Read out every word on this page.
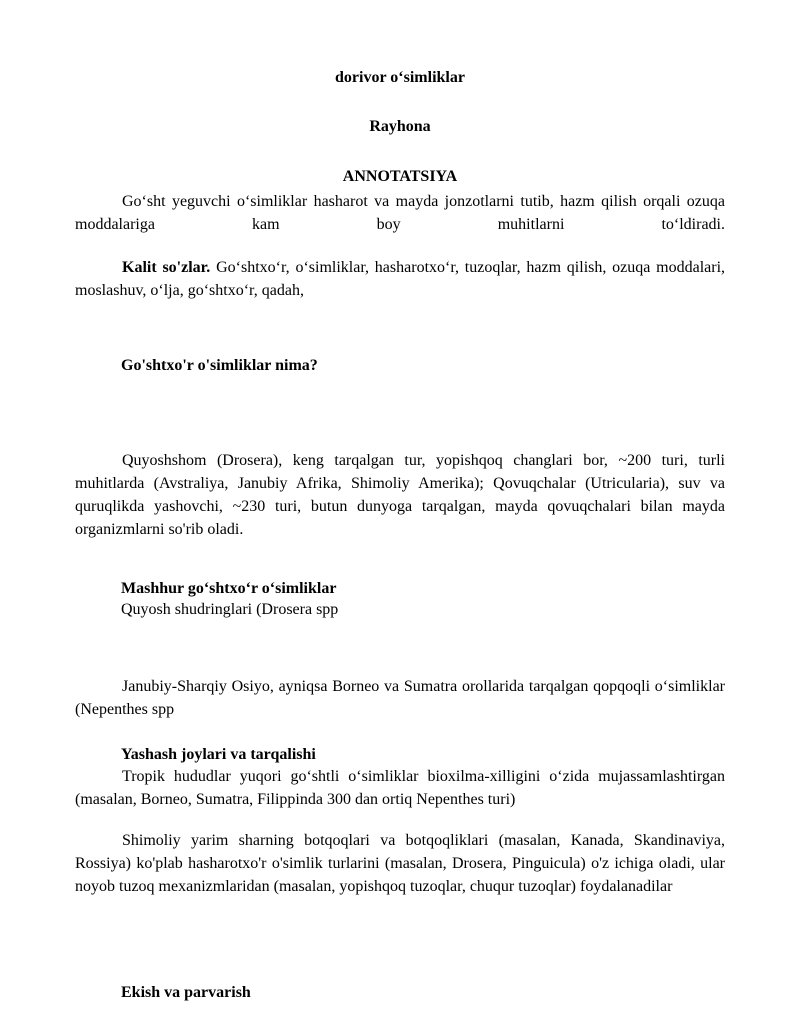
dorivor o‘simliklar
Rayhona
ANNOTATSIYA
Go‘sht yeguvchi o‘simliklar hasharot va mayda jonzotlarni tutib, hazm qilish orqali ozuqa moddalariga kam boy muhitlarni to‘ldiradi.
Kalit so'zlar. Go‘shtxo‘r, o‘simliklar, hasharotxo‘r, tuzoqlar, hazm qilish, ozuqa moddalari, moslashuv, o‘lja, go‘shtxo‘r, qadah,
Go'shtxo'r o'simliklar nima?
Quyoshshom (Drosera), keng tarqalgan tur, yopishqoq changlari bor, ~200 turi, turli muhitlarda (Avstraliya, Janubiy Afrika, Shimoliy Amerika); Qovuqchalar (Utricularia), suv va quruqlikda yashovchi, ~230 turi, butun dunyoga tarqalgan, mayda qovuqchalari bilan mayda organizmlarni so'rib oladi.
Mashhur go‘shtxo‘r o‘simliklar
Quyosh shudringlari (Drosera spp
Janubiy-Sharqiy Osiyo, ayniqsa Borneo va Sumatra orollarida tarqalgan qopqoqli o‘simliklar (Nepenthes spp
Yashash joylari va tarqalishi
Tropik hududlar yuqori go‘shtli o‘simliklar bioxilma-xilligini o‘zida mujassamlashtirgan (masalan, Borneo, Sumatra, Filippinda 300 dan ortiq Nepenthes turi)
Shimoliy yarim sharning botqoqlari va botqoqliklari (masalan, Kanada, Skandinaviya, Rossiya) ko'plab hasharotxo'r o'simlik turlarini (masalan, Drosera, Pinguicula) o'z ichiga oladi, ular noyob tuzoq mexanizmlaridan (masalan, yopishqoq tuzoqlar, chuqur tuzoqlar) foydalanadilar
Ekish va parvarish
